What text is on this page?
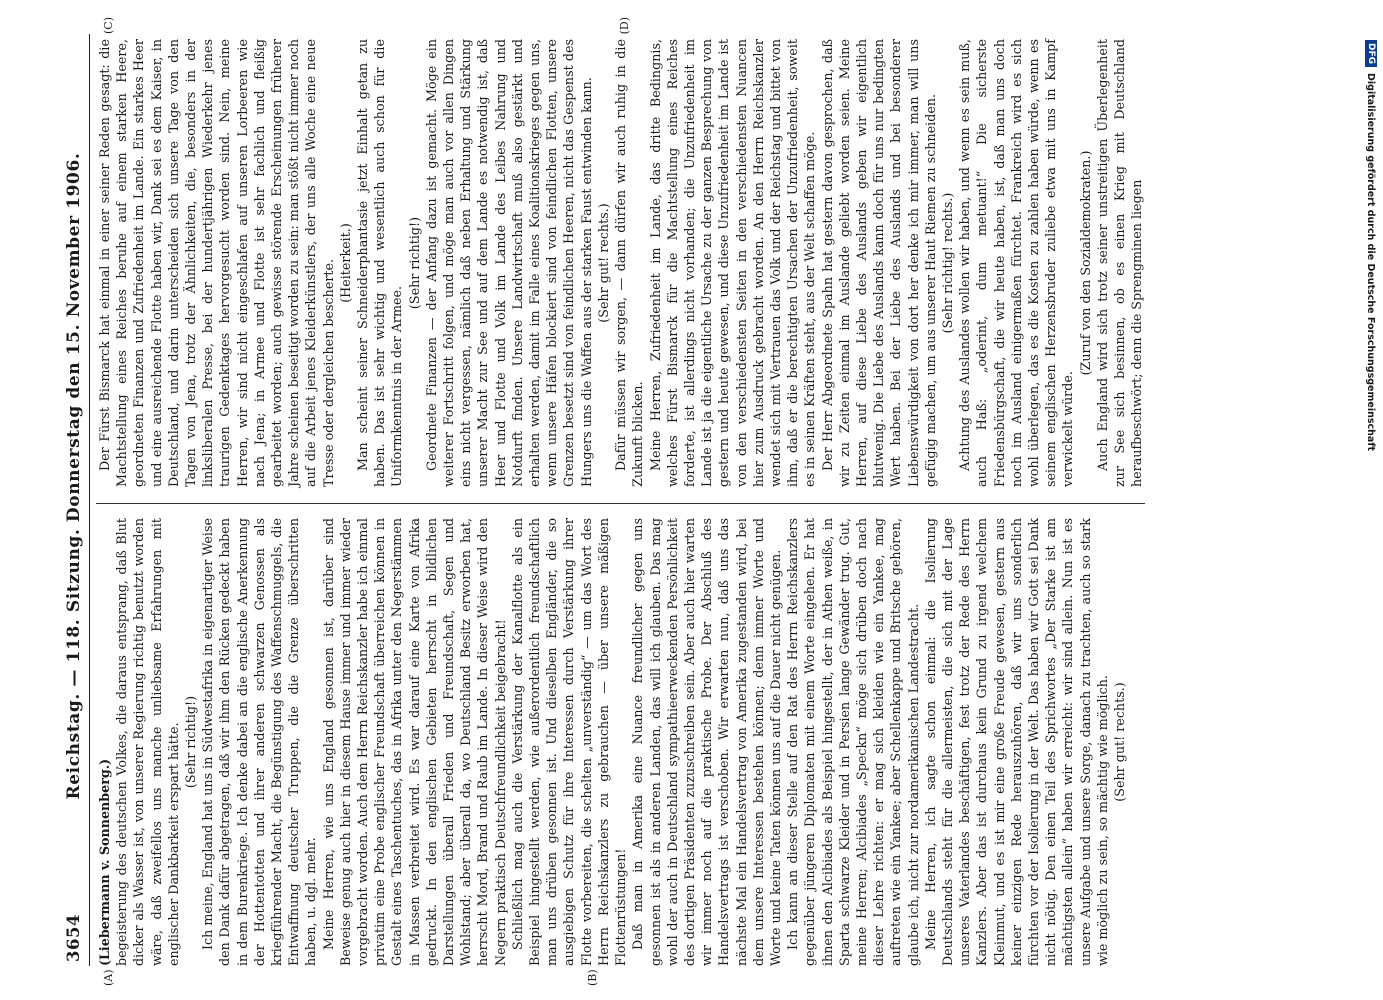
3654
Reichstag. — 118. Sitzung. Donnerstag den 15. November 1906.
(A)	(B)

(Liebermann v. Sonnenberg.) begeisterung des deutschen Volkes, die daraus entsprang, daß Blut dicker als Wasser ist, von unserer Regierung richtig benutzt worden wäre, daß zweifellos uns manche unliebsame Erfahrungen mit englischer Dankbarkeit erspart hätte. (Sehr richtig!) Ich meine, England hat uns in Südwestafrika in eigenartiger Weise den Dank dafür abgetragen, daß wir ihm den Rücken gedeckt haben in dem Burenkriege. Ich denke dabei an die englische Anerkennung der Hottentotten und ihrer anderen schwarzen Genossen als kriegführender Macht, die Begünstigung des Waffenschmuggels, die Entwaffnung deutscher Truppen, die die Grenze überschritten haben, u. dgl. mehr. Meine Herren, wie uns England gesonnen ist, darüber sind Beweise genug auch hier in diesem Hause immer und immer wieder vorgebracht worden. Auch dem Herrn Reichskanzler habe ich einmal privatim eine Probe englischer Freundschaft überreichen können in Gestalt eines Taschentuches, das in Afrika unter den Negerstämmen in Massen verbreitet wird. Es war darauf eine Karte von Afrika gedruckt. In den englischen Gebieten herrscht in bildlichen Darstellungen überall Frieden und Freundschaft, Segen und Wohlstand; aber überall da, wo Deutschland Besitz erworben hat, herrscht Mord, Brand und Raub im Lande. In dieser Weise wird den Negern praktisch Deutschfreundlichkeit beigebracht! Schließlich mag auch die Verstärkung der Kanalflotte als ein Beispiel hingestellt werden, wie außerordentlich freundschaftlich man uns drüben gesonnen ist. Und dieselben Engländer, die so ausgiebigen Schutz für ihre Interessen durch Verstärkung ihrer Flotte vorbereiten, die schelten „unverständig“ — um das Wort des Herrn Reichskanzlers zu gebrauchen — über unsere mäßigen Flottenrüstungen! Daß man in Amerika eine Nuance freundlicher gegen uns gesonnen ist als in anderen Landen, das will ich glauben. Das mag wohl der auch in Deutschland sympathieerweckenden Persönlichkeit des dortigen Präsidenten zuzuschreiben sein. Aber auch hier warten wir immer noch auf die praktische Probe. Der Abschluß des Handelsvertrags ist verschoben. Wir erwarten nun, daß uns das nächste Mal ein Handelsvertrag von Amerika zugestanden wird, bei dem unsere Interessen bestehen können; denn immer Worte und Worte und keine Taten können uns auf die Dauer nicht genügen. Ich kann an dieser Stelle auf den Rat des Herrn Reichskanzlers gegenüber jüngeren Diplomaten mit einem Worte eingehen. Er hat ihnen den Alcibiades als Beispiel hingestellt, der in Athen weiße, in Sparta schwarze Kleider und in Persien lange Gewänder trug. Gut, meine Herren; Alcibiades „Speckn“ möge sich drüben doch nach dieser Lehre richten: er mag sich kleiden wie ein Yankee, mag auftreten wie ein Yankee; aber Schellenkappe und Britsche gehören, glaube ich, nicht zur nordamerikanischen Landestracht. Meine Herren, ich sagte schon einmal: die Isolierung Deutschlands steht für die allermeisten, die sich mit der Lage unseres Vaterlandes beschäftigen, fest trotz der Rede des Herrn Kanzlers. Aber das ist durchaus kein Grund zu irgend welchem Kleinmut, und es ist mir eine große Freude gewesen, gestern aus keiner einzigen Rede herauszuhören, daß wir uns sonderlich fürchten vor der Isolierung in der Welt. Das haben wir Gott sei Dank nicht nötig. Den einen Teil des Sprichwortes „Der Starke ist am mächtigsten allein“ haben wir erreicht: wir sind allein. Nun ist es unsere Aufgabe und unsere Sorge, danach zu trachten, auch so stark wie möglich zu sein, so mächtig wie möglich. (Sehr gut! rechts.)

(C)	(D)

Der Fürst Bismarck hat einmal in einer seiner Reden gesagt: die Machtstellung eines Reiches beruhe auf einem starken Heere, geordneten Finanzen und Zufriedenheit im Lande. Ein starkes Heer und eine ausreichende Flotte haben wir, Dank sei es dem Kaiser, in Deutschland, und darin unterscheiden sich unsere Tage von den Tagen von Jena, trotz der Ähnlichkeiten, die, besonders in der linksliberalen Presse, bei der hundertjährigen Wiederkehr jenes traurigen Gedenktages hervorgesucht worden sind. Nein, meine Herren, wir sind nicht eingeschlafen auf unseren Lorbeeren wie nach Jena; in Armee und Flotte ist sehr fachlich und fleißig gearbeitet worden; auch gewisse störende Erscheinungen früherer Jahre scheinen beseitigt worden zu sein: man stößt nicht immer noch auf die Arbeit jenes Kleiderkünstlers, der uns alle Woche eine neue Tresse oder dergleichen bescherte. (Heiterkeit.) Man scheint seiner Schneiderphantasie jetzt Einhalt getan zu haben. Das ist sehr wichtig und wesentlich auch schon für die Uniformkenntnis in der Armee.

(Sehr richtig!) Geordnete Finanzen — der Anfang dazu ist gemacht. Möge ein weiterer Fortschritt folgen, und möge man auch vor allen Dingen eins nicht vergessen, nämlich daß neben Erhaltung und Stärkung unserer Macht zur See und auf dem Lande es notwendig ist, daß Heer und Flotte und Volk im Lande des Leibes Nahrung und Notdurft finden. Unsere Landwirtschaft muß also gestärkt und erhalten werden, damit im Falle eines Koalitionskrieges gegen uns, wenn unsere Häfen blockiert sind von feindlichen Flotten, unsere Grenzen besetzt sind von feindlichen Heeren, nicht das Gespenst des Hungers uns die Waffen aus der starken Faust entwinden kann. (Sehr gut! rechts.) Dafür müssen wir sorgen, — dann dürfen wir auch ruhig in die Zukunft blicken. Meine Herren, Zufriedenheit im Lande, das dritte Bedingnis, welches Fürst Bismarck für die Machtstellung eines Reiches forderte, ist allerdings nicht vorhanden; die Unzufriedenheit im Lande ist ja die eigentliche Ursache zu der ganzen Besprechung von gestern und heute gewesen, und diese Unzufriedenheit im Lande ist von den verschiedensten Seiten in den verschiedensten Nuancen hier zum Ausdruck gebracht worden. An den Herrn Reichskanzler wendet sich mit Vertrauen das Volk und der Reichstag und bittet von ihm, daß er die berechtigten Ursachen der Unzufriedenheit, soweit es in seinen Kräften steht, aus der Welt schaffen möge. Der Herr Abgeordnete Spahn hat gestern davon gesprochen, daß wir zu Zeiten einmal im Auslande geliebt worden seien. Meine Herren, auf diese Liebe des Auslands geben wir eigentlich blutwenig. Die Liebe des Auslands kann doch für uns nur bedingten Wert haben. Bei der Liebe des Auslands und bei besonderer Liebenswürdigkeit von dort her denke ich mir immer, man will uns gefügig machen, um aus unserer Haut Riemen zu schneiden. (Sehr richtig! rechts.) Achtung des Auslandes wollen wir haben, und wenn es sein muß, auch Haß: „oderint, dum metuant!“ Die sicherste Friedensbürgschaft, die wir heute haben, ist, daß man uns doch noch im Ausland einigermaßen fürchtet. Frankreich wird es sich wohl überlegen, das es die Kosten zu zahlen haben würde, wenn es seinem englischen Herzensbruder zuliebe etwa mit uns in Kampf verwickelt würde.

(Zuruf von den Sozialdemokraten.) Auch England wird sich trotz seiner unstreitigen Überlegenheit zur See sich besinnen, ob es einen Krieg mit Deutschland heraufbeschwört; denn die Sprengminen liegen

DFG
Digitalisierung gefördert durch die Deutsche Forschungsgemeinschaft
